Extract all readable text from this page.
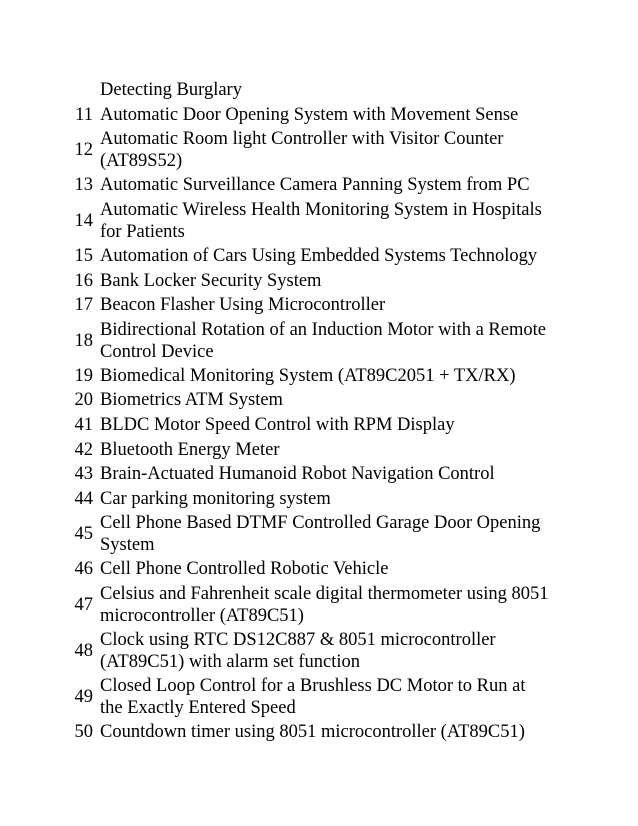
Detecting Burglary
11 Automatic Door Opening System with Movement Sense
12
Automatic Room light Controller with Visitor Counter
(AT89S52)
13 Automatic Surveillance Camera Panning System from PC
14
Automatic Wireless Health Monitoring System in Hospitals
for Patients
15 Automation of Cars Using Embedded Systems Technology
16 Bank Locker Security System
17 Beacon Flasher Using Microcontroller
18
Bidirectional Rotation of an Induction Motor with a Remote
Control Device
19 Biomedical Monitoring System (AT89C2051 + TX/RX)
20 Biometrics ATM System
41 BLDC Motor Speed Control with RPM Display
42 Bluetooth Energy Meter
43 Brain-Actuated Humanoid Robot Navigation Control
44 Car parking monitoring system
45
Cell Phone Based DTMF Controlled Garage Door Opening
System
46 Cell Phone Controlled Robotic Vehicle
47
Celsius and Fahrenheit scale digital thermometer using 8051
microcontroller (AT89C51)
48
Clock using RTC DS12C887 & 8051 microcontroller
(AT89C51) with alarm set function
49
Closed Loop Control for a Brushless DC Motor to Run at
the Exactly Entered Speed
50 Countdown timer using 8051 microcontroller (AT89C51)
